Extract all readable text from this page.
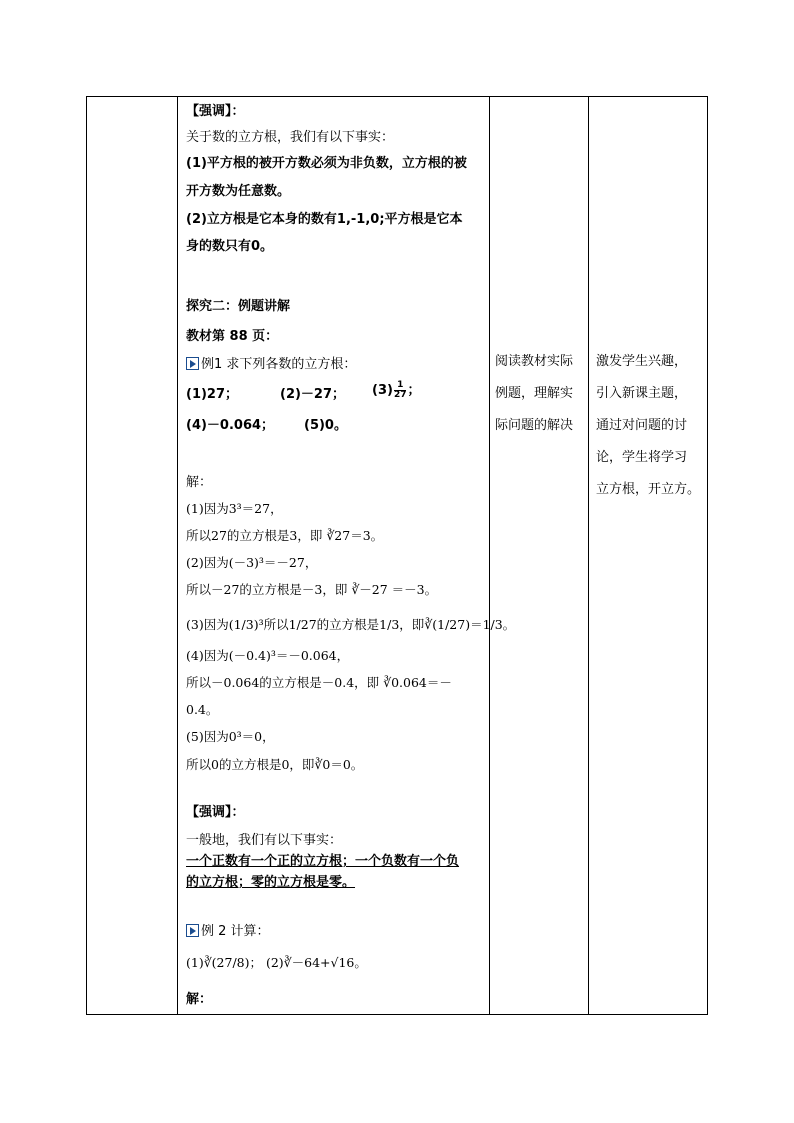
【强调】：
关于数的立方根，我们有以下事实：
(1)平方根的被开方数必须为非负数，立方根的被
开方数为任意数。
(2)立方根是它本身的数有1,-1,0;平方根是它本
身的数只有0。
探究二：例题讲解
教材第 88 页：
例1 求下列各数的立方根：
(1)27；	(2)－27； $(3) \frac{1}{27}$ ；
(4)－0.064； (5)0。
解：
(1)因为3³＝27，
所以27的立方根是3，即 ∛27＝3。
(2)因为(－3)³＝－27，
所以－27的立方根是－3，即 ∛－27 ＝－3。
(3)因为(1/3)³所以1/27的立方根是1/3，即∛(1/27)＝1/3。
(4)因为(－0.4)³＝－0.064，
所以－0.064的立方根是－0.4，即 ∛0.064＝－
0.4。
(5)因为0³＝0，
所以0的立方根是0，即∛0＝0。
【强调】：
一般地，我们有以下事实：
一个正数有一个正的立方根；一个负数有一个负
的立方根；零的立方根是零。
例 2 计算：
(1)∛(27/8)； (2)∛－64+√16。
解：
阅读教材实际
例题，理解实
际问题的解决
激发学生兴趣，
引入新课主题，
通过对问题的讨
论，学生将学习
立方根，开立方。
